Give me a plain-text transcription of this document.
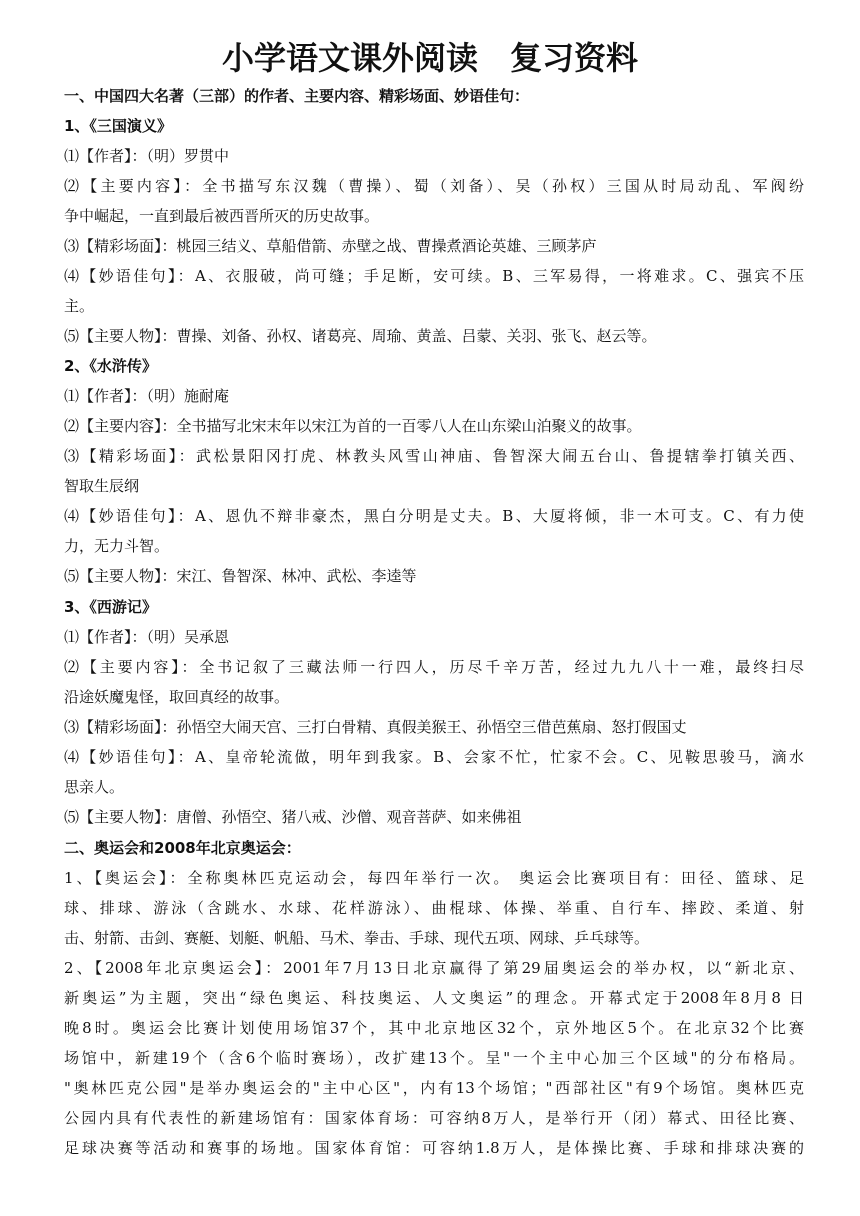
小学语文课外阅读　复习资料
一、中国四大名著（三部）的作者、主要内容、精彩场面、妙语佳句：
1、《三国演义》
⑴【作者】：（明）罗贯中
⑵【主要内容】：全书描写东汉魏（曹操）、蜀（刘备）、吴（孙权）三国从时局动乱、军阀纷
争中崛起，一直到最后被西晋所灭的历史故事。
⑶【精彩场面】：桃园三结义、草船借箭、赤壁之战、曹操煮酒论英雄、三顾茅庐
⑷【妙语佳句】：A、衣服破，尚可缝；手足断，安可续。B、三军易得，一将难求。C、强宾不压
主。
⑸【主要人物】：曹操、刘备、孙权、诸葛亮、周瑜、黄盖、吕蒙、关羽、张飞、赵云等。
2、《水浒传》
⑴【作者】：（明）施耐庵
⑵【主要内容】：全书描写北宋末年以宋江为首的一百零八人在山东梁山泊聚义的故事。
⑶【精彩场面】：武松景阳冈打虎、林教头风雪山神庙、鲁智深大闹五台山、鲁提辖拳打镇关西、
智取生辰纲
⑷【妙语佳句】：A、恩仇不辩非豪杰，黑白分明是丈夫。B、大厦将倾，非一木可支。C、有力使
力，无力斗智。
⑸【主要人物】：宋江、鲁智深、林冲、武松、李逵等
3、《西游记》
⑴【作者】：（明）吴承恩
⑵【主要内容】：全书记叙了三藏法师一行四人，历尽千辛万苦，经过九九八十一难，最终扫尽
沿途妖魔鬼怪，取回真经的故事。
⑶【精彩场面】：孙悟空大闹天宫、三打白骨精、真假美猴王、孙悟空三借芭蕉扇、怒打假国丈
⑷【妙语佳句】：A、皇帝轮流做，明年到我家。B、会家不忙，忙家不会。C、见鞍思骏马，滴水
思亲人。
⑸【主要人物】：唐僧、孙悟空、猪八戒、沙僧、观音菩萨、如来佛祖
二、奥运会和2008年北京奥运会：
1、【奥运会】：全称奥林匹克运动会，每四年举行一次。 奥运会比赛项目有：田径、篮球、足
球、排球、游泳（含跳水、水球、花样游泳）、曲棍球、体操、举重、自行车、摔跤、柔道、射
击、射箭、击剑、赛艇、划艇、帆船、马术、拳击、手球、现代五项、网球、乒乓球等。
2、【2008年北京奥运会】：2001年7月13日北京赢得了第29届奥运会的举办权，以“新北京、
新奥运”为主题，突出“绿色奥运、科技奥运、人文奥运”的理念。开幕式定于2008年8月8 日
晚8时。奥运会比赛计划使用场馆37个，其中北京地区32个，京外地区5个。在北京32个比赛
场馆中，新建19个（含6个临时赛场），改扩建13个。呈"一个主中心加三个区域"的分布格局。
"奥林匹克公园"是举办奥运会的"主中心区"，内有13个场馆；"西部社区"有9个场馆。奥林匹克
公园内具有代表性的新建场馆有：国家体育场：可容纳8万人，是举行开（闭）幕式、田径比赛、
足球决赛等活动和赛事的场地。国家体育馆：可容纳1.8万人，是体操比赛、手球和排球决赛的
